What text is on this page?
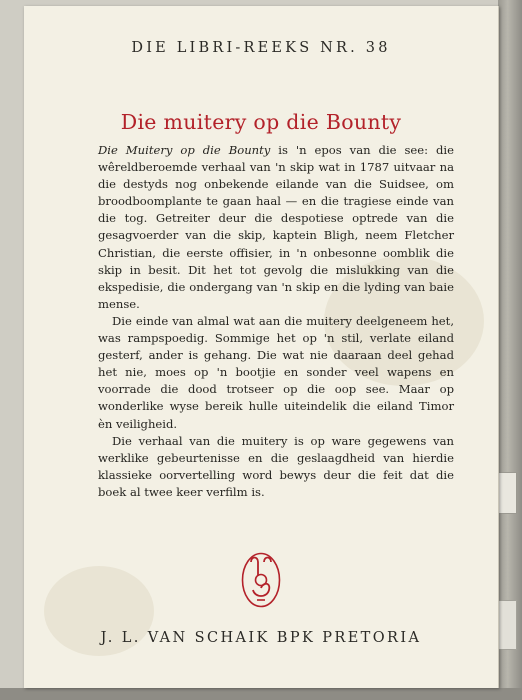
DIE LIBRI-REEKS NR. 38
Die muitery op die Bounty

Die Muitery op die Bounty is 'n epos van die see: die wêreldberoemde verhaal van 'n skip wat in 1787 uitvaar na die destyds nog onbekende eilande van die Suidsee, om broodboomplante te gaan haal — en die tragiese einde van die tog. Getreiter deur die despotiese optrede van die gesagvoerder van die skip, kaptein Bligh, neem Fletcher Christian, die eerste offisier, in 'n onbesonne oomblik die skip in besit. Dit het tot gevolg die mislukking van die ekspedisie, die ondergang van 'n skip en die lyding van baie mense.

Die einde van almal wat aan die muitery deelgeneem het, was rampspoedig. Sommige het op 'n stil, verlate eiland gesterf, ander is gehang. Die wat nie daaraan deel gehad het nie, moes op 'n bootjie en sonder veel wapens en voorrade die dood trotseer op die oop see. Maar op wonderlike wyse bereik hulle uiteindelik die eiland Timor èn veiligheid.

Die verhaal van die muitery is op ware gegewens van werklike gebeurtenisse en die geslaagdheid van hierdie klassieke oorvertelling word bewys deur die feit dat die boek al twee keer verfilm is.

J. L. VAN SCHAIK BPK PRETORIA
